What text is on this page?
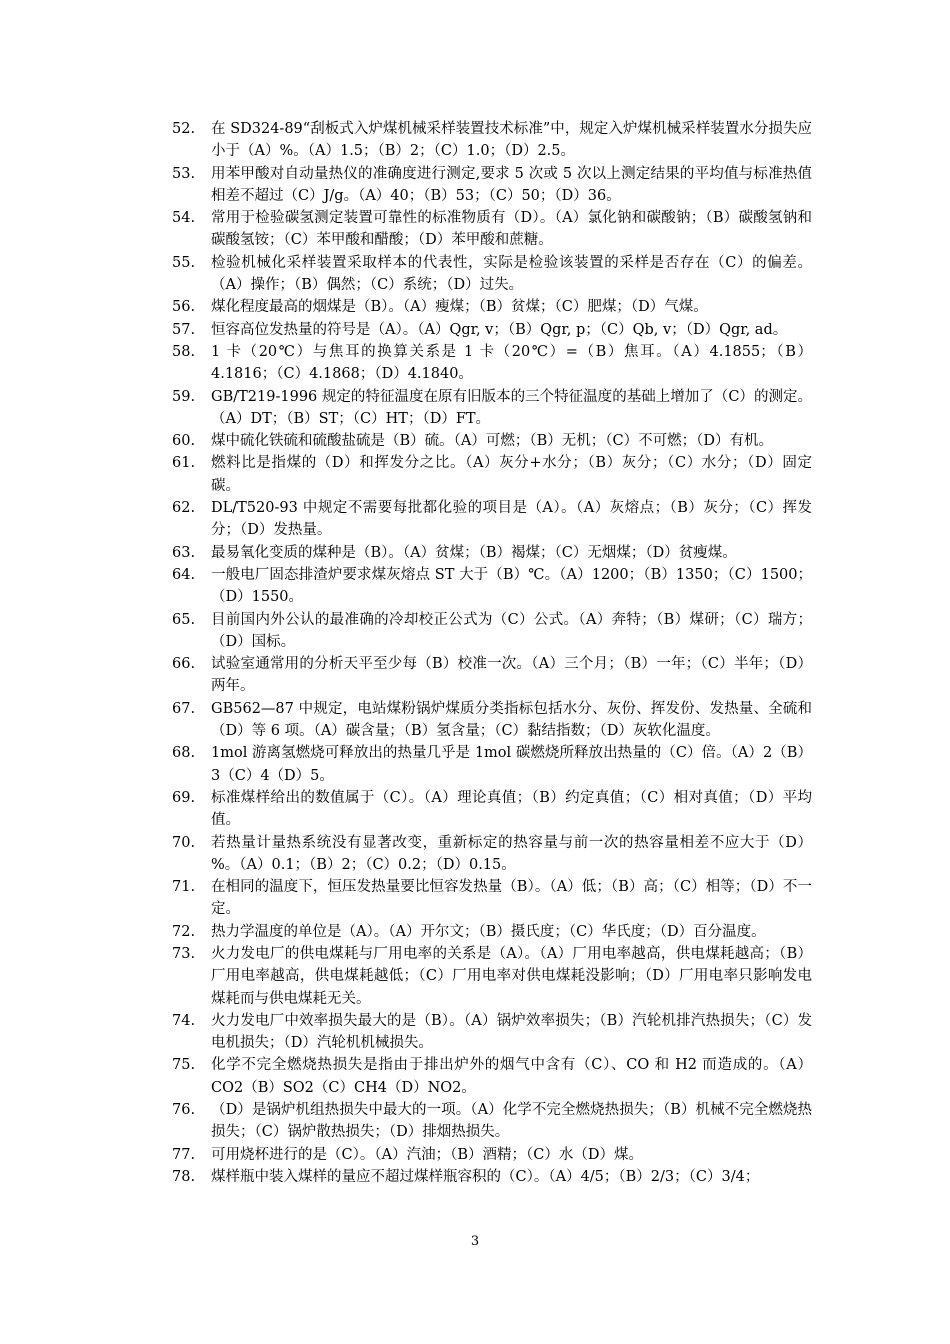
52.	在 SD324-89“刮板式入炉煤机械采样装置技术标准”中，规定入炉煤机械采样装置水分损失应小于（A）%。（A）1.5；（B）2；（C）1.0；（D）2.5。
53.	用苯甲酸对自动量热仪的准确度进行测定,要求 5 次或 5 次以上测定结果的平均值与标准热值相差不超过（C）J/g。（A）40；（B）53；（C）50；（D）36。
54.	常用于检验碳氢测定装置可靠性的标准物质有（D）。（A）氯化钠和碳酸钠；（B）碳酸氢钠和碳酸氢铵；（C）苯甲酸和醋酸；（D）苯甲酸和蔗糖。
55.	检验机械化采样装置采取样本的代表性，实际是检验该装置的采样是否存在（C）的偏差。（A）操作；（B）偶然；（C）系统；（D）过失。
56.	煤化程度最高的烟煤是（B）。（A）瘦煤；（B）贫煤；（C）肥煤；（D）气煤。
57.	恒容高位发热量的符号是（A）。（A）Qgr, v；（B）Qgr, p；（C）Qb, v；（D）Qgr, ad。
58.	1 卡（20℃）与焦耳的换算关系是 1 卡（20℃）=（B）焦耳。（A）4.1855；（B）4.1816；（C）4.1868；（D）4.1840。
59.	GB/T219-1996 规定的特征温度在原有旧版本的三个特征温度的基础上增加了（C）的测定。（A）DT；（B）ST；（C）HT；（D）FT。
60.	煤中硫化铁硫和硫酸盐硫是（B）硫。（A）可燃；（B）无机；（C）不可燃；（D）有机。
61.	燃料比是指煤的（D）和挥发分之比。（A）灰分+水分；（B）灰分；（C）水分；（D）固定碳。
62.	DL/T520-93 中规定不需要每批都化验的项目是（A）。（A）灰熔点；（B）灰分；（C）挥发分；（D）发热量。
63.	最易氧化变质的煤种是（B）。（A）贫煤；（B）褐煤；（C）无烟煤；（D）贫瘦煤。
64.	一般电厂固态排渣炉要求煤灰熔点 ST 大于（B）℃。（A）1200；（B）1350；（C）1500；（D）1550。
65.	目前国内外公认的最准确的冷却校正公式为（C）公式。（A）奔特；（B）煤研；（C）瑞方；（D）国标。
66.	试验室通常用的分析天平至少每（B）校准一次。（A）三个月；（B）一年；（C）半年；（D）两年。
67.	GB562—87 中规定，电站煤粉锅炉煤质分类指标包括水分、灰份、挥发份、发热量、全硫和（D）等 6 项。（A）碳含量；（B）氢含量；（C）黏结指数；（D）灰软化温度。
68.	1mol 游离氢燃烧可释放出的热量几乎是 1mol 碳燃烧所释放出热量的（C）倍。（A）2（B）3（C）4（D）5。
69.	标准煤样给出的数值属于（C）。（A）理论真值；（B）约定真值；（C）相对真值；（D）平均值。
70.	若热量计量热系统没有显著改变，重新标定的热容量与前一次的热容量相差不应大于（D）%。（A）0.1；（B）2；（C）0.2；（D）0.15。
71.	在相同的温度下，恒压发热量要比恒容发热量（B）。（A）低；（B）高；（C）相等；（D）不一定。
72.	热力学温度的单位是（A）。（A）开尔文；（B）摄氏度；（C）华氏度；（D）百分温度。
73.	火力发电厂的供电煤耗与厂用电率的关系是（A）。（A）厂用电率越高，供电煤耗越高；（B）厂用电率越高，供电煤耗越低；（C）厂用电率对供电煤耗没影响；（D）厂用电率只影响发电煤耗而与供电煤耗无关。
74.	火力发电厂中效率损失最大的是（B）。（A）锅炉效率损失；（B）汽轮机排汽热损失；（C）发电机损失；（D）汽轮机机械损失。
75.	化学不完全燃烧热损失是指由于排出炉外的烟气中含有（C）、CO 和 H2 而造成的。（A）CO2（B）SO2（C）CH4（D）NO2。
76.	（D）是锅炉机组热损失中最大的一项。（A）化学不完全燃烧热损失；（B）机械不完全燃烧热损失；（C）锅炉散热损失；（D）排烟热损失。
77.	可用烧杯进行的是（C）。（A）汽油；（B）酒精；（C）水（D）煤。
78.	煤样瓶中装入煤样的量应不超过煤样瓶容积的（C）。（A）4/5；（B）2/3；（C）3/4；
3
